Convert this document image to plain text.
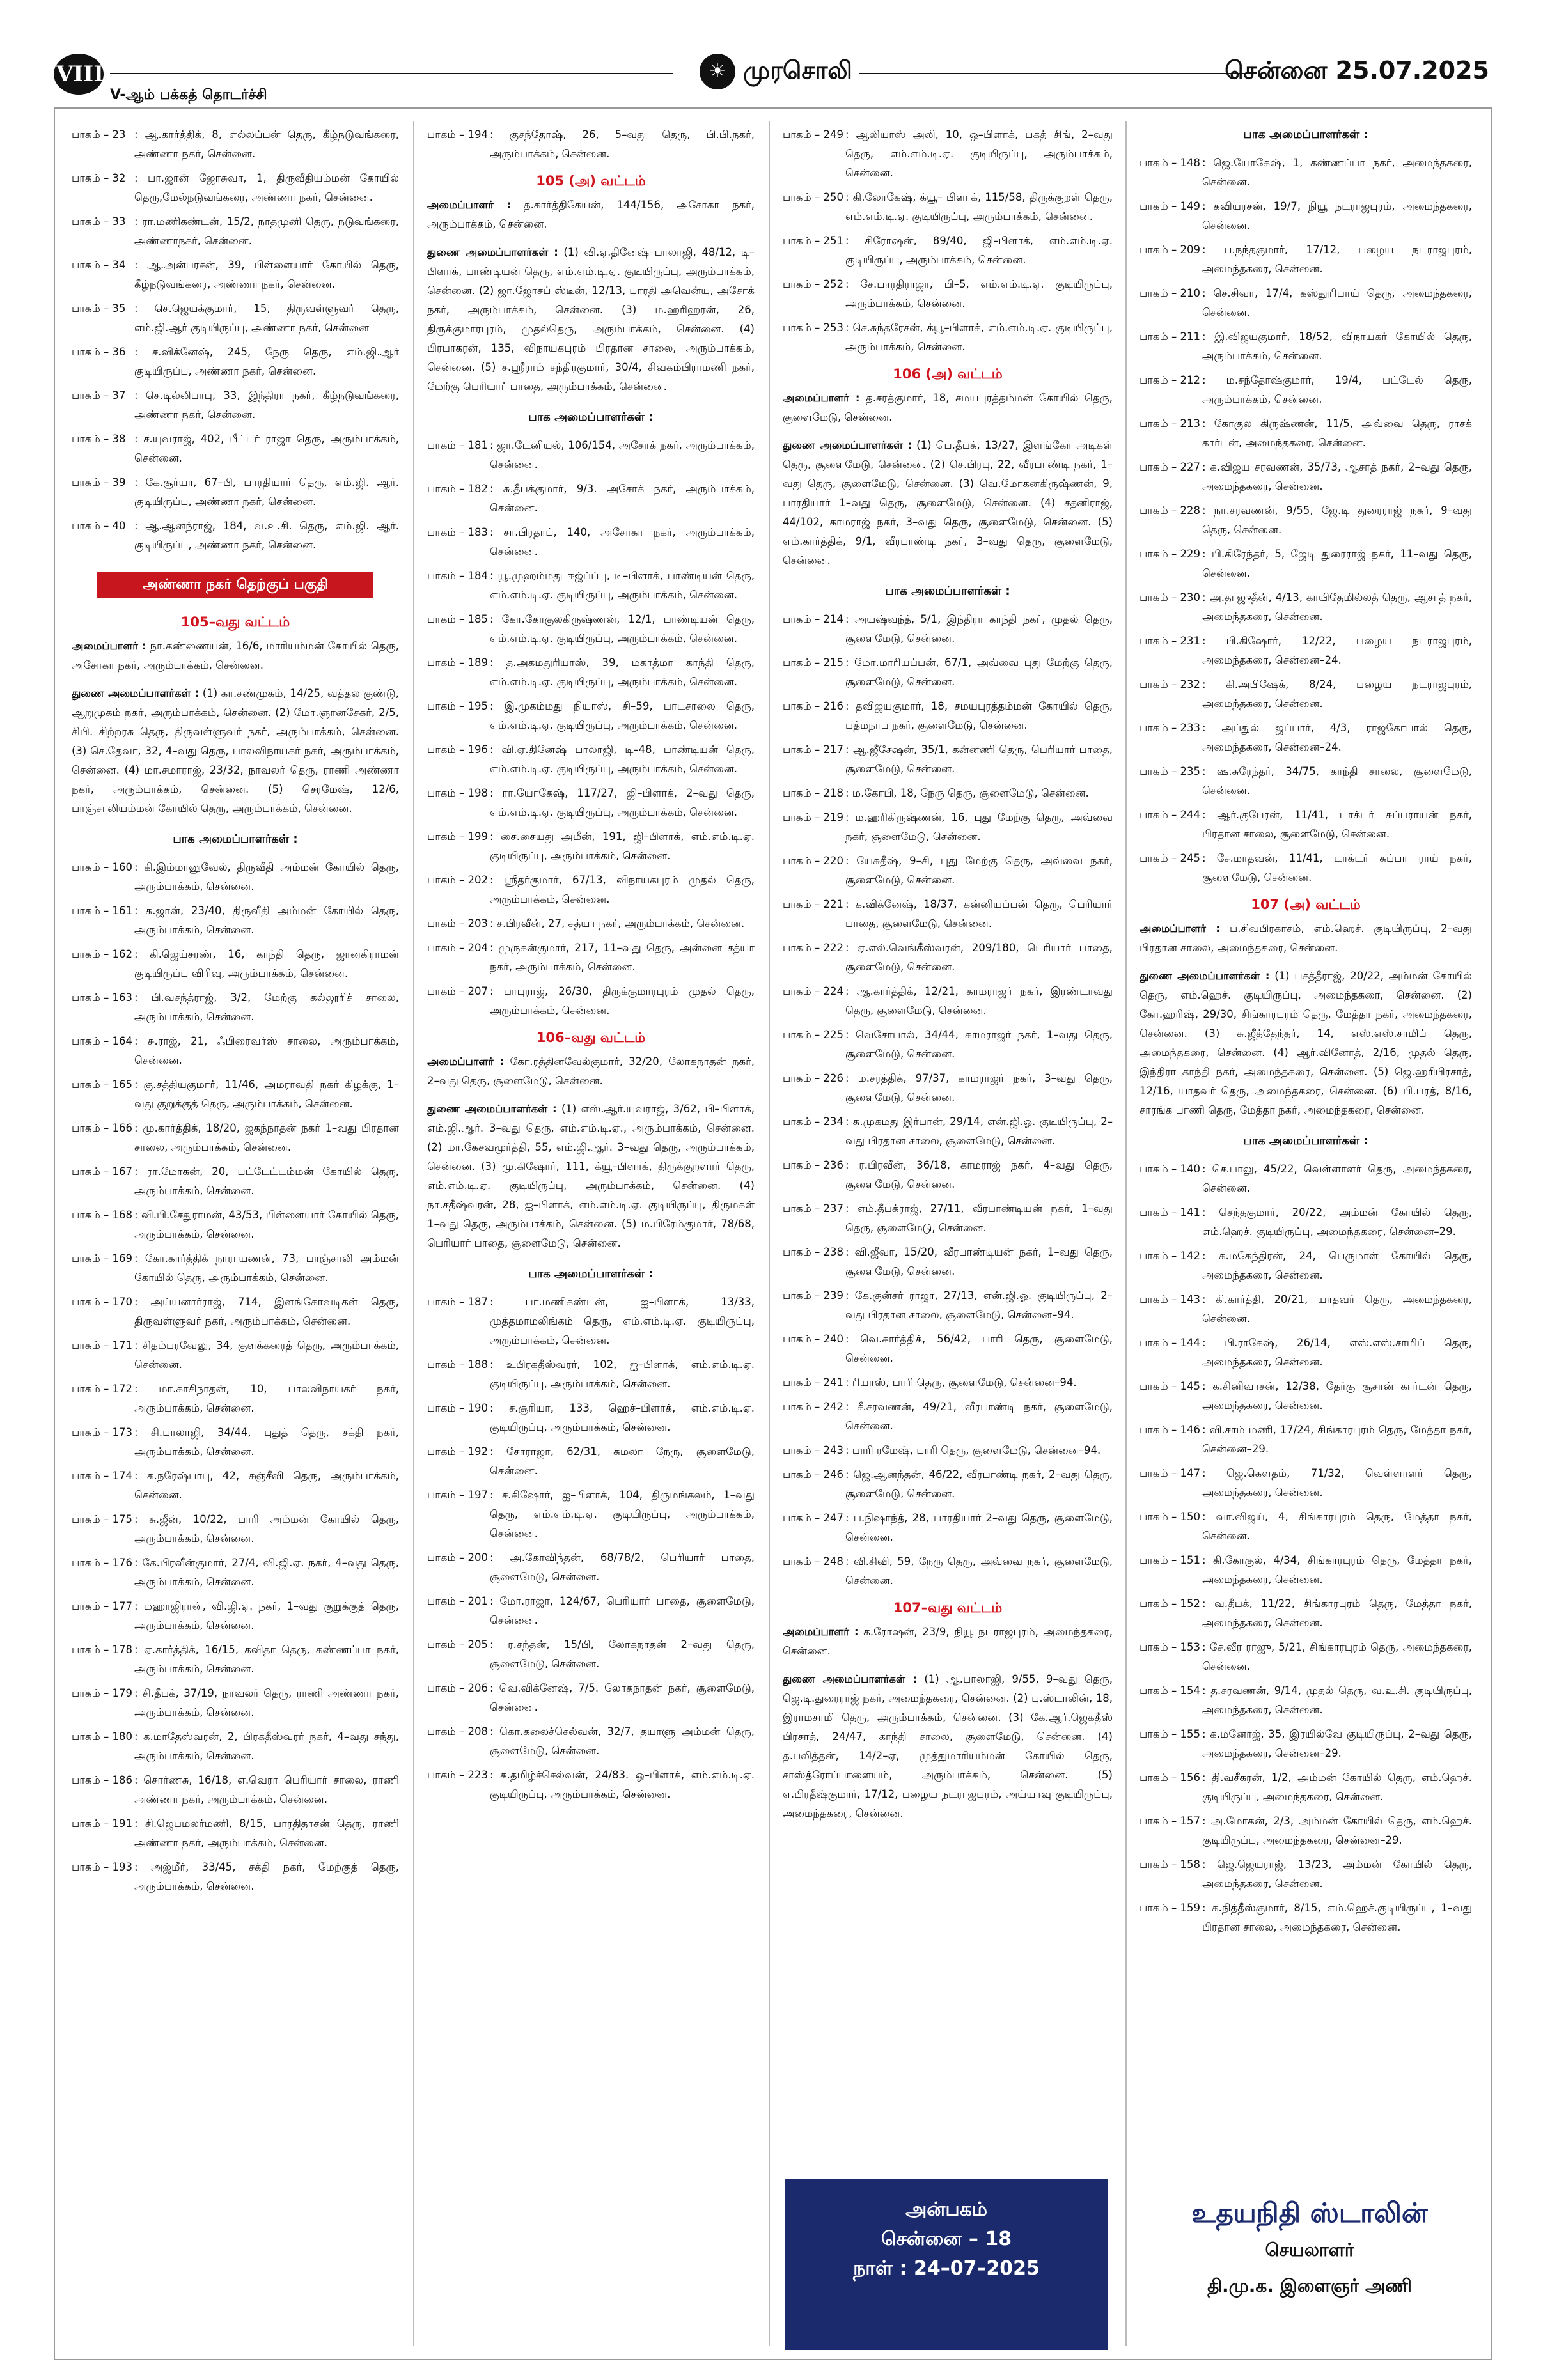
VIII
V-ஆம் பக்கத் தொடர்ச்சி
☀ முரசொலி	சென்னை 25.07.2025
பாகம் – 23 : ஆ.கார்த்திக், 8, எல்லப்பன் தெரு, கீழ்நடுவங்கரை, அண்ணா நகர், சென்னை.
பாகம் – 32 : பா.ஜான் ஜோசுவா, 1, திருவீதியம்மன் கோயில் தெரு,மேல்நடுவங்கரை, அண்ணா நகர், சென்னை.
பாகம் – 33 : ரா.மணிகண்டன், 15/2, நாதமுனி தெரு, நடுவங்கரை, அண்ணாநகர், சென்னை.
பாகம் – 34 : ஆ.அன்பரசன், 39, பிள்ளையார் கோயில் தெரு, கீழ்நடுவங்கரை, அண்ணா நகர், சென்னை.
பாகம் – 35 : செ.ஜெயக்குமார், 15, திருவள்ளுவர் தெரு, எம்.ஜி.ஆர் குடியிருப்பு, அண்ணா நகர், சென்னை
பாகம் – 36 : ச.விக்னேஷ், 245, நேரு தெரு, எம்.ஜி.ஆர் குடியிருப்பு, அண்ணா நகர், சென்னை.
பாகம் – 37 : செ.டில்லிபாபு, 33, இந்திரா நகர், கீழ்நடுவங்கரை, அண்ணா நகர், சென்னை.
பாகம் – 38 : ச.யுவராஜ், 402, பீட்டர் ராஜா தெரு, அரும்பாக்கம், சென்னை.
பாகம் – 39 : கே.சூர்யா, 67–பி, பாரதியார் தெரு, எம்.ஜி. ஆர். குடியிருப்பு, அண்ணா நகர், சென்னை.
பாகம் – 40 : ஆ.ஆனந்ராஜ், 184, வ.உ.சி. தெரு, எம்.ஜி. ஆர். குடியிருப்பு, அண்ணா நகர், சென்னை.
அண்ணா நகர் தெற்குப் பகுதி
105–வது வட்டம்
அமைப்பாளர் : நா.கண்ணையன், 16/6, மாரியம்மன் கோயில் தெரு, அசோகா நகர், அரும்பாக்கம், சென்னை.
துணை அமைப்பாளர்கள் : (1) கா.சண்முகம், 14/25, வத்தல குண்டு, ஆறுமுகம் நகர், அரும்பாக்கம், சென்னை. (2) மோ.ஞானசேகர், 2/5, சிபி. சிற்றரசு தெரு, திருவள்ளுவர் நகர், அரும்பாக்கம், சென்னை. (3) செ.தேவா, 32, 4–வது தெரு, பாலவிநாயகர் நகர், அரும்பாக்கம், சென்னை. (4) மா.சமாராஜ், 23/32, நாவலர் தெரு, ராணி அண்ணா நகர், அரும்பாக்கம், சென்னை. (5) செரமேஷ், 12/6, பாஞ்சாலியம்மன் கோயில் தெரு, அரும்பாக்கம், சென்னை.
பாக அமைப்பாளர்கள் :
பாகம் – 160 : கி.இம்மானுவேல், திருவீதி அம்மன் கோயில் தெரு, அரும்பாக்கம், சென்னை.
பாகம் – 161 : சு.ஜான், 23/40, திருவீதி அம்மன் கோயில் தெரு, அரும்பாக்கம், சென்னை.
பாகம் – 162 : கி.ஜெய்சரண், 16, காந்தி தெரு, ஜானகிராமன் குடியிருப்பு விரிவு, அரும்பாக்கம், சென்னை.
பாகம் – 163 : பி.வசந்த்ராஜ், 3/2, மேற்கு கல்லூரிச் சாலை, அரும்பாக்கம், சென்னை.
பாகம் – 164 : சு.ராஜ், 21, ஃபிரைவர்ஸ் சாலை, அரும்பாக்கம், சென்னை.
பாகம் – 165 : கு.சத்தியகுமார், 11/46, அமராவதி நகர் கிழக்கு, 1–வது குறுக்குத் தெரு, அரும்பாக்கம், சென்னை.
பாகம் – 166 : மு.கார்த்திக், 18/20, ஜகந்நாதன் நகர் 1–வது பிரதான சாலை, அரும்பாக்கம், சென்னை.
பாகம் – 167 : ரா.மோகன், 20, பட்டேட்டம்மன் கோயில் தெரு, அரும்பாக்கம், சென்னை.
பாகம் – 168 : வி.பி.சேதுராமன், 43/53, பிள்ளையார் கோயில் தெரு, அரும்பாக்கம், சென்னை.
பாகம் – 169 : கோ.கார்த்திக் நாராயணன், 73, பாஞ்சாலி அம்மன் கோயில் தெரு, அரும்பாக்கம், சென்னை.
பாகம் – 170 : அய்யனார்ராஜ், 714, இளங்கோவடிகள் தெரு, திருவள்ளுவர் நகர், அரும்பாக்கம், சென்னை.
பாகம் – 171 : சிதம்பரவேலு, 34, குளக்கரைத் தெரு, அரும்பாக்கம், சென்னை.
பாகம் – 172 : மா.காசிநாதன், 10, பாலவிநாயகர் நகர், அரும்பாக்கம், சென்னை.
பாகம் – 173 : சி.பாலாஜி, 34/44, புதுத் தெரு, சக்தி நகர், அரும்பாக்கம், சென்னை.
பாகம் – 174 : க.நரேஷ்பாபு, 42, சஞ்சீவி தெரு, அரும்பாக்கம், சென்னை.
பாகம் – 175 : சு.ஜீன், 10/22, பாரி அம்மன் கோயில் தெரு, அரும்பாக்கம், சென்னை.
பாகம் – 176 : கே.பிரவீன்குமார், 27/4, வி.ஜி.ஏ. நகர், 4–வது தெரு, அரும்பாக்கம், சென்னை.
பாகம் – 177 : மஹாஜிரான், வி.ஜி.ஏ. நகர், 1–வது குறுக்குத் தெரு, அரும்பாக்கம், சென்னை.
பாகம் – 178 : ஏ.கார்த்திக், 16/15, கவிதா தெரு, கண்ணப்பா நகர், அரும்பாக்கம், சென்னை.
பாகம் – 179 : சி.தீபக், 37/19, நாவலர் தெரு, ராணி அண்ணா நகர், அரும்பாக்கம், சென்னை.
பாகம் – 180 : க.மாதேஸ்வரன், 2, பிரகதீஸ்வரர் நகர், 4–வது சந்து, அரும்பாக்கம், சென்னை.
பாகம் – 186 : சொர்ணசு, 16/18, எ.வெரா பெரியார் சாலை, ராணி அண்ணா நகர், அரும்பாக்கம், சென்னை.
பாகம் – 191 : சி.ஜெபமலர்மணி, 8/15, பாரதிதாசன் தெரு, ராணி அண்ணா நகர், அரும்பாக்கம், சென்னை.
பாகம் – 193 : அஜ்மீர், 33/45, சக்தி நகர், மேற்குத் தெரு, அரும்பாக்கம், சென்னை.
பாகம் – 194 : குசந்தோஷ், 26, 5–வது தெரு, பி.பி.நகர், அரும்பாக்கம், சென்னை.
105 (அ) வட்டம்
அமைப்பாளர் : த.கார்த்திகேயன், 144/156, அசோகா நகர், அரும்பாக்கம், சென்னை.
துணை அமைப்பாளர்கள் : (1) வி.ஏ.தினேஷ் பாலாஜி, 48/12, டி–பிளாக், பாண்டியன் தெரு, எம்.எம்.டி.ஏ. குடியிருப்பு, அரும்பாக்கம், சென்னை. (2) ஜா.ஜோசப் ஸ்டீன், 12/13, பாரதி அவென்யு, அசோக் நகர், அரும்பாக்கம், சென்னை. (3) ம.ஹரிஹரன், 26, திருக்குமாரபுரம், முதல்தெரு, அரும்பாக்கம், சென்னை. (4) பிரபாகரன், 135, விநாயகபுரம் பிரதான சாலை, அரும்பாக்கம், சென்னை. (5) ச.ஸ்ரீராம் சந்திரகுமார், 30/4, சிவகம்பிராமணி நகர், மேற்கு பெரியார் பாதை, அரும்பாக்கம், சென்னை.
பாக அமைப்பாளர்கள் :
பாகம் – 181 : ஜா.டேனியல், 106/154, அசோக் நகர், அரும்பாக்கம், சென்னை.
பாகம் – 182 : சு.தீபக்குமார், 9/3. அசோக் நகர், அரும்பாக்கம், சென்னை.
பாகம் – 183 : சா.பிரதாப், 140, அசோகா நகர், அரும்பாக்கம், சென்னை.
பாகம் – 184 : யூ.முஹம்மது ஈஜ்ப்ப்பு, டி–பிளாக், பாண்டியன் தெரு, எம்.எம்.டி.ஏ. குடியிருப்பு, அரும்பாக்கம், சென்னை.
பாகம் – 185 : கோ.கோகுலகிருஷ்ணன், 12/1, பாண்டியன் தெரு, எம்.எம்.டி.ஏ. குடியிருப்பு, அரும்பாக்கம், சென்னை.
பாகம் – 189 : த.அகமதுரியாஸ், 39, மகாத்மா காந்தி தெரு, எம்.எம்.டி.ஏ. குடியிருப்பு, அரும்பாக்கம், சென்னை.
பாகம் – 195 : இ.முகம்மது நியாஸ், சி–59, பாடசாலை தெரு, எம்.எம்.டி.ஏ. குடியிருப்பு, அரும்பாக்கம், சென்னை.
பாகம் – 196 : வி.ஏ.தினேஷ் பாலாஜி, டி–48, பாண்டியன் தெரு, எம்.எம்.டி.ஏ. குடியிருப்பு, அரும்பாக்கம், சென்னை.
பாகம் – 198 : ரா.யோகேஷ், 117/27, ஜி–பிளாக், 2–வது தெரு, எம்.எம்.டி.ஏ. குடியிருப்பு, அரும்பாக்கம், சென்னை.
பாகம் – 199 : சை.சையது அமீன், 191, ஜி–பிளாக், எம்.எம்.டி.ஏ. குடியிருப்பு, அரும்பாக்கம், சென்னை.
பாகம் – 202 : ஸ்ரீதர்குமார், 67/13, விநாயகபுரம் முதல் தெரு, அரும்பாக்கம், சென்னை.
பாகம் – 203 : ச.பிரவீன், 27, சத்யா நகர், அரும்பாக்கம், சென்னை.
பாகம் – 204 : முருகன்குமார், 217, 11–வது தெரு, அன்னை சத்யா நகர், அரும்பாக்கம், சென்னை.
பாகம் – 207 : பாபுராஜ், 26/30, திருக்குமாரபுரம் முதல் தெரு, அரும்பாக்கம், சென்னை.
106–வது வட்டம்
அமைப்பாளர் : கோ.ரத்தினவேல்குமார், 32/20, லோகநாதன் நகர், 2–வது தெரு, சூளைமேடு, சென்னை.
துணை அமைப்பாளர்கள் : (1) எஸ்.ஆர்.யுவராஜ், 3/62, பி–பிளாக், எம்.ஜி.ஆர். 3–வது தெரு, எம்.எம்.டி.ஏ., அரும்பாக்கம், சென்னை. (2) மா.கேசவமூர்த்தி, 55, எம்.ஜி.ஆர். 3–வது தெரு, அரும்பாக்கம், சென்னை. (3) மு.கிஷோர், 111, க்யூ–பிளாக், திருக்குறளார் தெரு, எம்.எம்.டி.ஏ. குடியிருப்பு, அரும்பாக்கம், சென்னை. (4) நா.சதீஷ்வரன், 28, ஐ–பிளாக், எம்.எம்.டி.ஏ. குடியிருப்பு, திருமகள் 1–வது தெரு, அரும்பாக்கம், சென்னை. (5) ம.பிரேம்குமார், 78/68, பெரியார் பாதை, சூளைமேடு, சென்னை.
பாக அமைப்பாளர்கள் :
பாகம் – 187 : பா.மணிகண்டன், ஐ–பிளாக், 13/33, முத்தமாமலிங்கம் தெரு, எம்.எம்.டி.ஏ. குடியிருப்பு, அரும்பாக்கம், சென்னை.
பாகம் – 188 : உபிரகதீஸ்வரர், 102, ஐ–பிளாக், எம்.எம்.டி.ஏ. குடியிருப்பு, அரும்பாக்கம், சென்னை.
பாகம் – 190 : ச.சூரியா, 133, ஹெச்–பிளாக், எம்.எம்.டி.ஏ. குடியிருப்பு, அரும்பாக்கம், சென்னை.
பாகம் – 192 : சோராஜா, 62/31, சுமலா நேரு, சூளைமேடு, சென்னை.
பாகம் – 197 : ச.கிஷோர், ஐ–பிளாக், 104, திருமங்கலம், 1–வது தெரு, எம்.எம்.டி.ஏ. குடியிருப்பு, அரும்பாக்கம், சென்னை.
பாகம் – 200 : அ.கோவிந்தன், 68/78/2, பெரியார் பாதை, சூளைமேடு, சென்னை.
பாகம் – 201 : மோ.ராஜா, 124/67, பெரியார் பாதை, சூளைமேடு, சென்னை.
பாகம் – 205 : ர.சந்தன், 15/பி, லோகநாதன் 2–வது தெரு, சூளைமேடு, சென்னை.
பாகம் – 206 : வெ.விக்னேஷ், 7/5. லோகநாதன் நகர், சூளைமேடு, சென்னை.
பாகம் – 208 : கொ.கலைச்செல்வன், 32/7, தயாளு அம்மன் தெரு, சூளைமேடு, சென்னை.
பாகம் – 223 : க.தமிழ்ச்செல்வன், 24/83. ஒ–பிளாக், எம்.எம்.டி.ஏ. குடியிருப்பு, அரும்பாக்கம், சென்னை.
பாகம் – 249 : ஆலியாஸ் அலி, 10, ஒ–பிளாக், பகத் சிங், 2–வது தெரு, எம்.எம்.டி.ஏ. குடியிருப்பு, அரும்பாக்கம், சென்னை.
பாகம் – 250 : கி.லோகேஷ், க்யூ– பிளாக், 115/58, திருக்குறள் தெரு, எம்.எம்.டி.ஏ. குடியிருப்பு, அரும்பாக்கம், சென்னை.
பாகம் – 251 : சிரோஷன், 89/40, ஜி–பிளாக், எம்.எம்.டி.ஏ. குடியிருப்பு, அரும்பாக்கம், சென்னை.
பாகம் – 252 : சே.பாரதிராஜா, பி–5, எம்.எம்.டி.ஏ. குடியிருப்பு, அரும்பாக்கம், சென்னை.
பாகம் – 253 : செ.சுந்தரேசன், க்யூ–பிளாக், எம்.எம்.டி.ஏ. குடியிருப்பு, அரும்பாக்கம், சென்னை.
106 (அ) வட்டம்
அமைப்பாளர் : த.சரத்குமார், 18, சமயபுரத்தம்மன் கோயில் தெரு, சூளைமேடு, சென்னை.
துணை அமைப்பாளர்கள் : (1) பெ.தீபக், 13/27, இளங்கோ அடிகள் தெரு, சூளைமேடு, சென்னை. (2) செ.பிரபு, 22, வீரபாண்டி நகர், 1–வது தெரு, சூளைமேடு, சென்னை. (3) வெ.மோகனகிருஷ்ணன், 9, பாரதியார் 1–வது தெரு, சூளைமேடு, சென்னை. (4) சதனிராஜ், 44/102, காமராஜ் நகர், 3–வது தெரு, சூளைமேடு, சென்னை. (5) எம்.கார்த்திக், 9/1, வீரபாண்டி நகர், 3–வது தெரு, சூளைமேடு, சென்னை.
பாக அமைப்பாளர்கள் :
பாகம் – 214 : அயஷ்வந்த், 5/1, இந்திரா காந்தி நகர், முதல் தெரு, சூளைமேடு, சென்னை.
பாகம் – 215 : மோ.மாரியப்பன், 67/1, அவ்வை புது மேற்கு தெரு, சூளைமேடு, சென்னை.
பாகம் – 216 : தவிஜயகுமார், 18, சமயபுரத்தம்மன் கோயில் தெரு, பத்மநாப நகர், சூளைமேடு, சென்னை.
பாகம் – 217 : ஆ.ஜீசேஷன், 35/1, கன்னணி தெரு, பெரியார் பாதை, சூளைமேடு, சென்னை.
பாகம் – 218 : ம.கோபி, 18, நேரு தெரு, சூளைமேடு, சென்னை.
பாகம் – 219 : ம.ஹரிகிருஷ்ணன், 16, புது மேற்கு தெரு, அவ்வை நகர், சூளைமேடு, சென்னை.
பாகம் – 220 : யேசுதீஷ், 9–சி, புது மேற்கு தெரு, அவ்வை நகர், சூளைமேடு, சென்னை.
பாகம் – 221 : க.விக்னேஷ், 18/37, கன்னியப்பன் தெரு, பெரியார் பாதை, சூளைமேடு, சென்னை.
பாகம் – 222 : ஏ.எல்.வெங்கீஸ்வரன், 209/180, பெரியார் பாதை, சூளைமேடு, சென்னை.
பாகம் – 224 : ஆ.கார்த்திக், 12/21, காமராஜர் நகர், இரண்டாவது தெரு, சூளைமேடு, சென்னை.
பாகம் – 225 : வெசோபால், 34/44, காமராஜர் நகர், 1–வது தெரு, சூளைமேடு, சென்னை.
பாகம் – 226 : ம.சரத்திக், 97/37, காமராஜர் நகர், 3–வது தெரு, சூளைமேடு, சென்னை.
பாகம் – 234 : சு.முகமது இர்பான், 29/14, என்.ஜி.ஓ. குடியிருப்பு, 2–வது பிரதான சாலை, சூளைமேடு, சென்னை.
பாகம் – 236 : ர.பிரவீன், 36/18, காமராஜ் நகர், 4–வது தெரு, சூளைமேடு, சென்னை.
பாகம் – 237 : எம்.தீபக்ராஜ், 27/11, வீரபாண்டியன் நகர், 1–வது தெரு, சூளைமேடு, சென்னை.
பாகம் – 238 : வி.ஜீவா, 15/20, வீரபாண்டியன் நகர், 1–வது தெரு, சூளைமேடு, சென்னை.
பாகம் – 239 : கே.குன்சர் ராஜா, 27/13, என்.ஜி.ஓ. குடியிருப்பு, 2–வது பிரதான சாலை, சூளைமேடு, சென்னை–94.
பாகம் – 240 : வெ.கார்த்திக், 56/42, பாரி தெரு, சூளைமேடு, சென்னை.
பாகம் – 241 : ரியாஸ், பாரி தெரு, சூளைமேடு, சென்னை–94.
பாகம் – 242 : சீ.சரவணன், 49/21, வீரபாண்டி நகர், சூளைமேடு, சென்னை.
பாகம் – 243 : பாரி ரமேஷ், பாரி தெரு, சூளைமேடு, சென்னை–94.
பாகம் – 246 : ஜெ.ஆனந்தன், 46/22, வீரபாண்டி நகர், 2–வது தெரு, சூளைமேடு, சென்னை.
பாகம் – 247 : ப.நிஷாந்த், 28, பாரதியார் 2–வது தெரு, சூளைமேடு, சென்னை.
பாகம் – 248 : வி.சிவி, 59, நேரு தெரு, அவ்வை நகர், சூளைமேடு, சென்னை.
107–வது வட்டம்
அமைப்பாளர் : க.ரோஷன், 23/9, நியூ நடராஜபுரம், அமைந்தகரை, சென்னை.
துணை அமைப்பாளர்கள் : (1) ஆ.பாலாஜி, 9/55, 9–வது தெரு, ஜெ.டி.துரைராஜ் நகர், அமைந்தகரை, சென்னை. (2) பு.ஸ்டாலின், 18, இராமசாமி தெரு, அரும்பாக்கம், சென்னை. (3) கே.ஆர்.ஜெகதீஸ் பிரசாத், 24/47, காந்தி சாலை, சூளைமேடு, சென்னை. (4) த.பலித்தன், 14/2–ஏ, முத்துமாரியம்மன் கோயில் தெரு, சாஸ்த்ரோப்பாளையம், அரும்பாக்கம், சென்னை. (5) எ.பிரதீஷ்குமார், 17/12, பழைய நடராஜபுரம், அய்யாவு குடியிருப்பு, அமைந்தகரை, சென்னை.
பாக அமைப்பாளர்கள் :
பாகம் – 148 : ஜெ.யோகேஷ், 1, கண்ணப்பா நகர், அமைந்தகரை, சென்னை.
பாகம் – 149 : கவியரசன், 19/7, நியூ நடராஜபுரம், அமைந்தகரை, சென்னை.
பாகம் – 209 : ப.நந்தகுமார், 17/12, பழைய நடராஜபுரம், அமைந்தகரை, சென்னை.
பாகம் – 210 : செ.சிவா, 17/4, கஸ்தூரிபாய் தெரு, அமைந்தகரை, சென்னை.
பாகம் – 211 : இ.விஜயகுமார், 18/52, விநாயகர் கோயில் தெரு, அரும்பாக்கம், சென்னை.
பாகம் – 212 : ம.சந்தோஷ்குமார், 19/4, பட்டேல் தெரு, அரும்பாக்கம், சென்னை.
பாகம் – 213 : கோகுல கிருஷ்ணன், 11/5, அவ்வை தெரு, ராசக் கார்டன், அமைந்தகரை, சென்னை.
பாகம் – 227 : க.விஜய சரவணன், 35/73, ஆசாத் நகர், 2–வது தெரு, அமைந்தகரை, சென்னை.
பாகம் – 228 : நா.சரவணன், 9/55, ஜே.டி துரைராஜ் நகர், 9–வது தெரு, சென்னை.
பாகம் – 229 : பி.கிரேந்தர், 5, ஜேடி துரைராஜ் நகர், 11–வது தெரு, சென்னை.
பாகம் – 230 : அ.தாஜுதீன், 4/13, காயிதேமில்லத் தெரு, ஆசாத் நகர், அமைந்தகரை, சென்னை.
பாகம் – 231 : பி.கிஷோர், 12/22, பழைய நடராஜபுரம், அமைந்தகரை, சென்னை–24.
பாகம் – 232 : கி.அபிஷேக், 8/24, பழைய நடராஜபுரம், அமைந்தகரை, சென்னை.
பாகம் – 233 : அப்துல் ஜப்பார், 4/3, ராஜகோபால் தெரு, அமைந்தகரை, சென்னை–24.
பாகம் – 235 : ஷ.சுரேந்தர், 34/75, காந்தி சாலை, சூளைமேடு, சென்னை.
பாகம் – 244 : ஆர்.குபேரன், 11/41, டாக்டர் சுப்பராயன் நகர், பிரதான சாலை, சூளைமேடு, சென்னை.
பாகம் – 245 : சே.மாதவன், 11/41, டாக்டர் சுப்பா ராய் நகர், சூளைமேடு, சென்னை.
107 (அ) வட்டம்
அமைப்பாளர் : ப.சிவபிரகாசம், எம்.ஹெச். குடியிருப்பு, 2–வது பிரதான சாலை, அமைந்தகரை, சென்னை.
துணை அமைப்பாளர்கள் : (1) பசத்தீராஜ், 20/22, அம்மன் கோயில் தெரு, எம்.ஹெச். குடியிருப்பு, அமைந்தகரை, சென்னை. (2) கோ.ஹரிஷ், 29/30, சிங்காரபுரம் தெரு, மேத்தா நகர், அமைந்தகரை, சென்னை. (3) சு.ஜீத்தேந்தர், 14, எஸ்.எஸ்.சாமிப் தெரு, அமைந்தகரை, சென்னை. (4) ஆர்.வினோத், 2/16, முதல் தெரு, இந்திரா காந்தி நகர், அமைந்தகரை, சென்னை. (5) ஜெ.ஹரிபிரசாத், 12/16, யாதவர் தெரு, அமைந்தகரை, சென்னை. (6) பி.பரத், 8/16, சாரங்க பாணி தெரு, மேத்தா நகர், அமைந்தகரை, சென்னை.
பாக அமைப்பாளர்கள் :
பாகம் – 140 : செ.பாலு, 45/22, வெள்ளாளர் தெரு, அமைந்தகரை, சென்னை.
பாகம் – 141 : செந்தகுமார், 20/22, அம்மன் கோயில் தெரு, எம்.ஹெச். குடியிருப்பு, அமைந்தகரை, சென்னை–29.
பாகம் – 142 : க.மகேந்திரன், 24, பெருமாள் கோயில் தெரு, அமைந்தகரை, சென்னை.
பாகம் – 143 : கி.கார்த்தி, 20/21, யாதவர் தெரு, அமைந்தகரை, சென்னை.
பாகம் – 144 : பி.ராகேஷ், 26/14, எஸ்.எஸ்.சாமிப் தெரு, அமைந்தகரை, சென்னை.
பாகம் – 145 : க.சினிவாசன், 12/38, தேர்கு சூசான் கார்டன் தெரு, அமைந்தகரை, சென்னை.
பாகம் – 146 : வி.சாம் மணி, 17/24, சிங்காரபுரம் தெரு, மேத்தா நகர், சென்னை–29.
பாகம் – 147 : ஜெ.கௌதம், 71/32, வெள்ளாளர் தெரு, அமைந்தகரை, சென்னை.
பாகம் – 150 : வா.விஜய், 4, சிங்காரபுரம் தெரு, மேத்தா நகர், சென்னை.
பாகம் – 151 : கி.கோகுல், 4/34, சிங்காரபுரம் தெரு, மேத்தா நகர், அமைந்தகரை, சென்னை.
பாகம் – 152 : வ.தீபக், 11/22, சிங்காரபுரம் தெரு, மேத்தா நகர், அமைந்தகரை, சென்னை.
பாகம் – 153 : சே.வீர ராஜு, 5/21, சிங்காரபுரம் தெரு, அமைந்தகரை, சென்னை.
பாகம் – 154 : த.சரவணன், 9/14, முதல் தெரு, வ.உ.சி. குடியிருப்பு, அமைந்தகரை, சென்னை.
பாகம் – 155 : க.மனோஜ், 35, இரயில்வே குடியிருப்பு, 2–வது தெரு, அமைந்தகரை, சென்னை–29.
பாகம் – 156 : தி.வசீகரன், 1/2, அம்மன் கோயில் தெரு, எம்.ஹெச். குடியிருப்பு, அமைந்தகரை, சென்னை.
பாகம் – 157 : அ.மோகன், 2/3, அம்மன் கோயில் தெரு, எம்.ஹெச். குடியிருப்பு, அமைந்தகரை, சென்னை–29.
பாகம் – 158 : ஜெ.ஜெயராஜ், 13/23, அம்மன் கோயில் தெரு, அமைந்தகரை, சென்னை.
பாகம் – 159 : க.நித்தீஸ்குமார், 8/15, எம்.ஹெச்.குடியிருப்பு, 1–வது பிரதான சாலை, அமைந்தகரை, சென்னை.
அன்பகம்
சென்னை – 18
நாள் : 24–07–2025
உதயநிதி ஸ்டாலின்
செயலாளர்
தி.மு.க. இளைஞர் அணி
